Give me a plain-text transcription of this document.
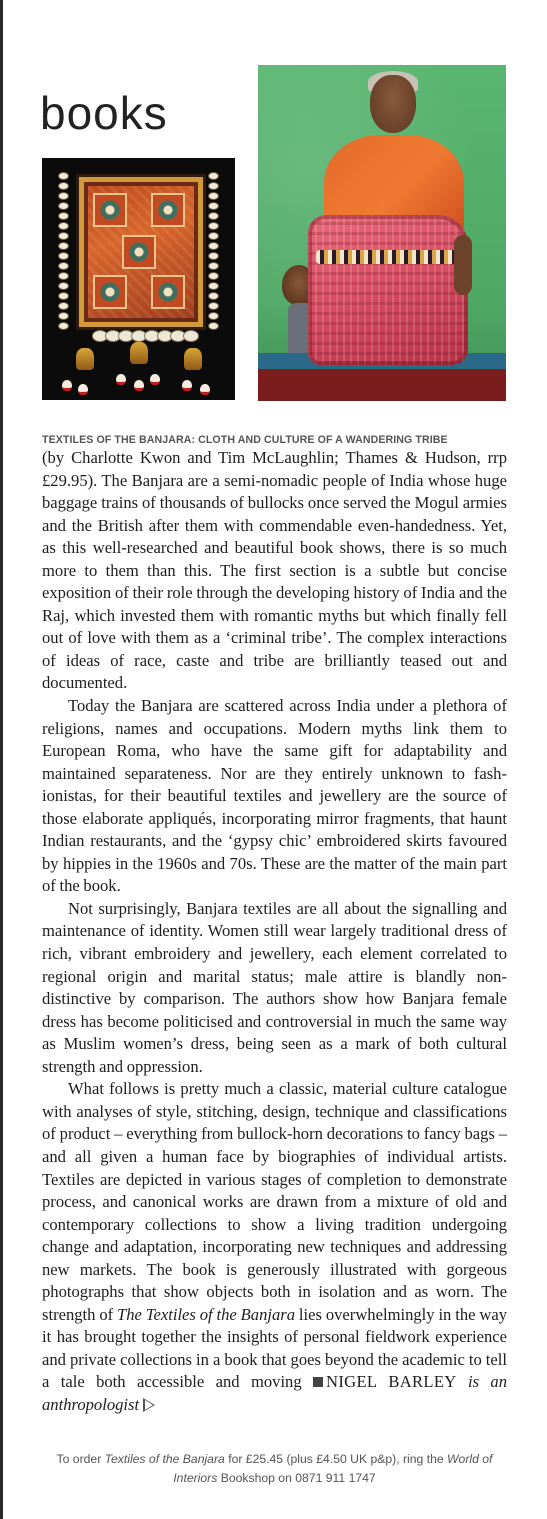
books
TEXTILES OF THE BANJARA: CLOTH AND CULTURE OF A WANDERING TRIBE

(by Charlotte Kwon and Tim McLaughlin; Thames & Hudson, rrp £29.95). The Banjara are a semi-nomadic people of India whose huge baggage trains of thousands of bullocks once served the Mogul armies and the British after them with commendable even-handedness. Yet, as this well-researched and beautiful book shows, there is so much more to them than this. The first section is a subtle but concise exposition of their role through the developing history of India and the Raj, which invested them with romantic myths but which finally fell out of love with them as a ‘criminal tribe’. The complex interactions of ideas of race, caste and tribe are brilliantly teased out and documented.

Today the Banjara are scattered across India under a plethora of religions, names and occupations. Modern myths link them to European Roma, who have the same gift for adaptability and maintained separateness. Nor are they entirely unknown to fashionistas, for their beautiful textiles and jewellery are the source of those elaborate appliqués, incorporating mirror fragments, that haunt Indian restaurants, and the ‘gypsy chic’ embroidered skirts favoured by hippies in the 1960s and 70s. These are the matter of the main part of the book.

Not surprisingly, Banjara textiles are all about the signalling and maintenance of identity. Women still wear largely traditional dress of rich, vibrant embroidery and jewellery, each element correlated to regional origin and marital status; male attire is blandly non-distinctive by comparison. The authors show how Banjara female dress has become politicised and controversial in much the same way as Muslim women’s dress, being seen as a mark of both cultural strength and oppression.

What follows is pretty much a classic, material culture catalogue with analyses of style, stitching, design, technique and classifications of product – everything from bullock-horn decorations to fancy bags – and all given a human face by biographies of individual artists. Textiles are depicted in various stages of completion to demonstrate process, and canonical works are drawn from a mixture of old and contemporary collections to show a living tradition undergoing change and adaptation, incorporating new techniques and addressing new markets. The book is generously illustrated with gorgeous photographs that show objects both in isolation and as worn. The strength of The Textiles of the Banjara lies overwhelmingly in the way it has brought together the insights of personal fieldwork experience and private collections in a book that goes beyond the academic to tell a tale both accessible and moving NIGEL BARLEY is an anthropologist

To order Textiles of the Banjara for £25.45 (plus £4.50 UK p&p), ring the World of Interiors Bookshop on 0871 911 1747
